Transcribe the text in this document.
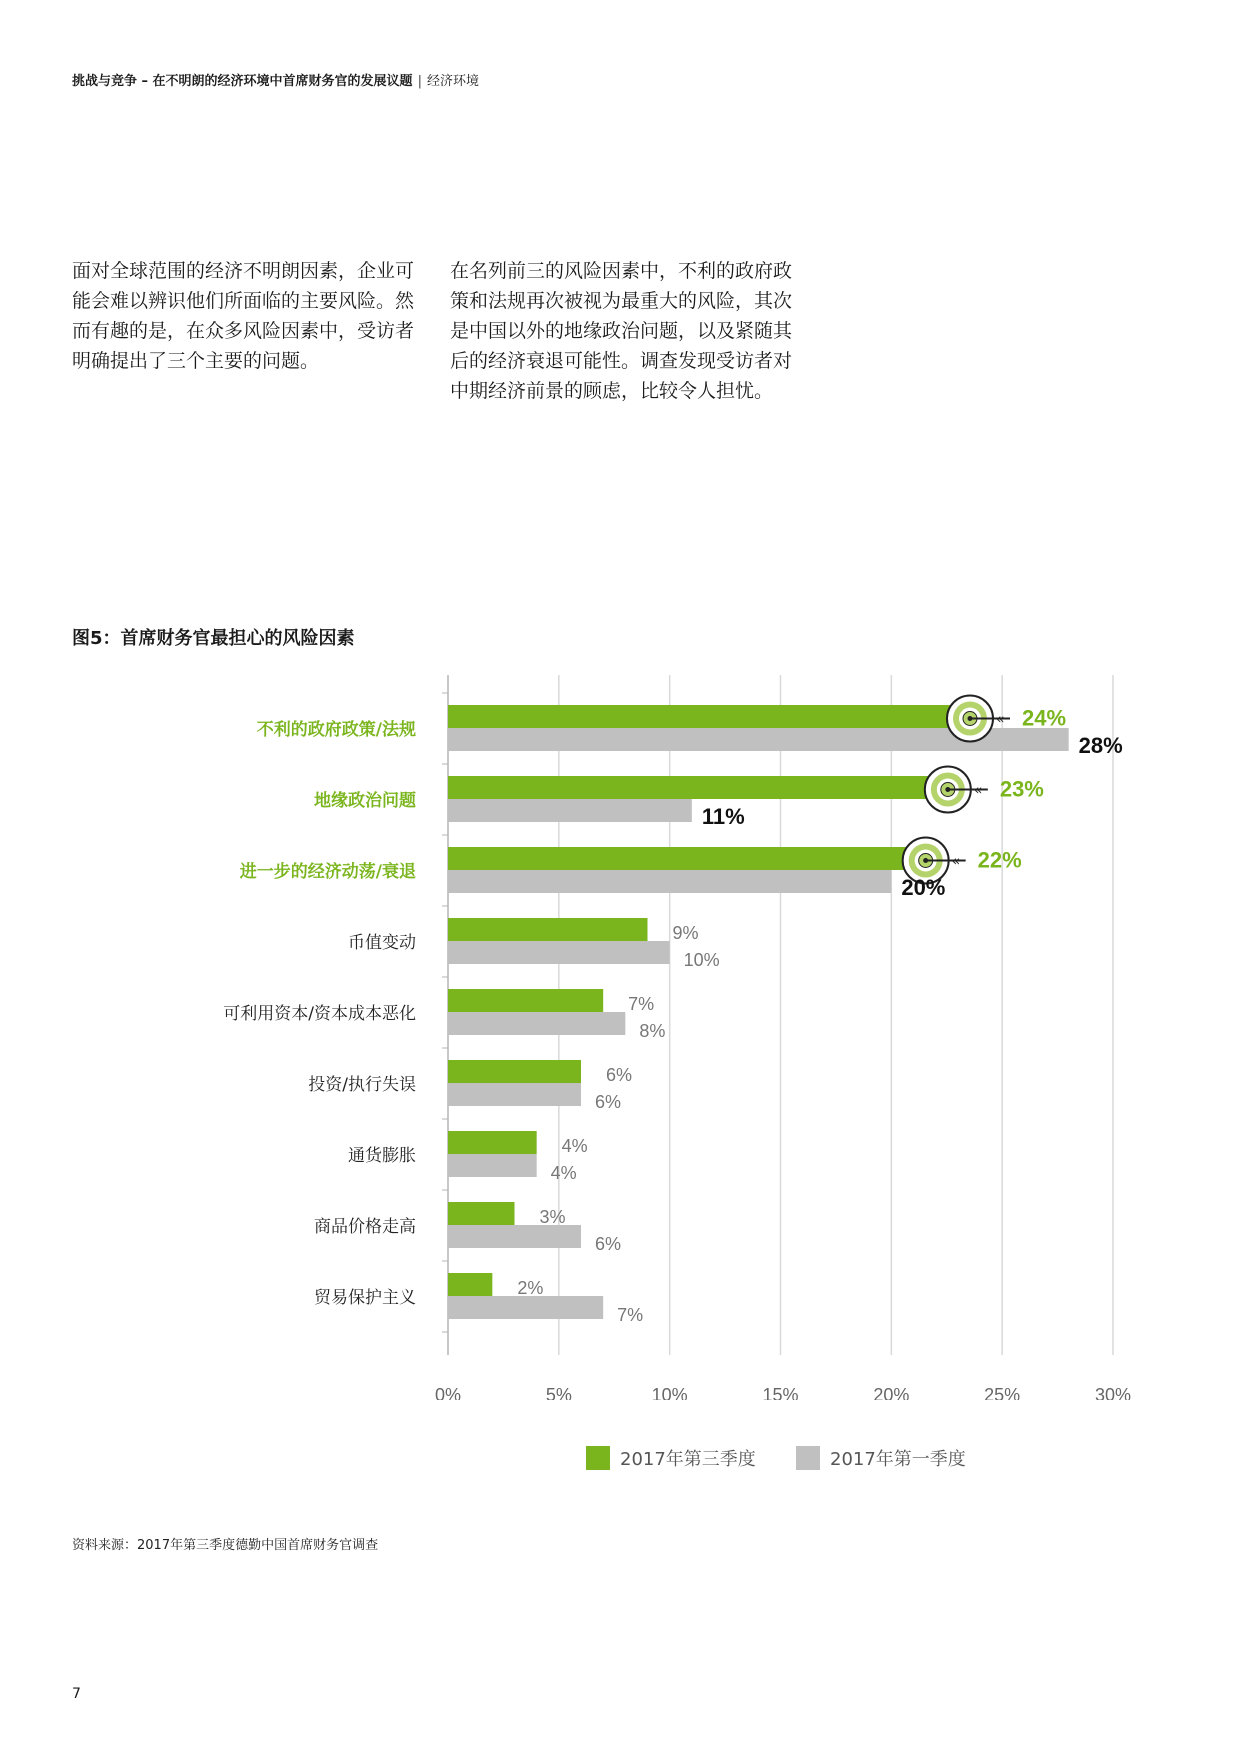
挑战与竞争 – 在不明朗的经济环境中首席财务官的发展议题 | 经济环境
面对全球范围的经济不明朗因素，企业可能会难以辨识他们所面临的主要风险。然而有趣的是，在众多风险因素中，受访者明确提出了三个主要的问题。
在名列前三的风险因素中，不利的政府政策和法规再次被视为最重大的风险，其次是中国以外的地缘政治问题，以及紧随其后的经济衰退可能性。调查发现受访者对中期经济前景的顾虑，比较令人担忧。
图5：首席财务官最担心的风险因素
0%	5%	10%	15%	20%	25%	30%
不利的政府政策/法规
« 24%
28%
地缘政治问题
« 23%
11%
进一步的经济动荡/衰退
« 22%
20%
币值变动	9%
10%
可利用资本/资本成本恶化	7%
8%
投资/执行失误	6%
6%
通货膨胀	4%
4%
商品价格走高	3%
6%
贸易保护主义	2%
7%
2017年第三季度	2017年第一季度
资料来源：2017年第三季度德勤中国首席财务官调查
7
